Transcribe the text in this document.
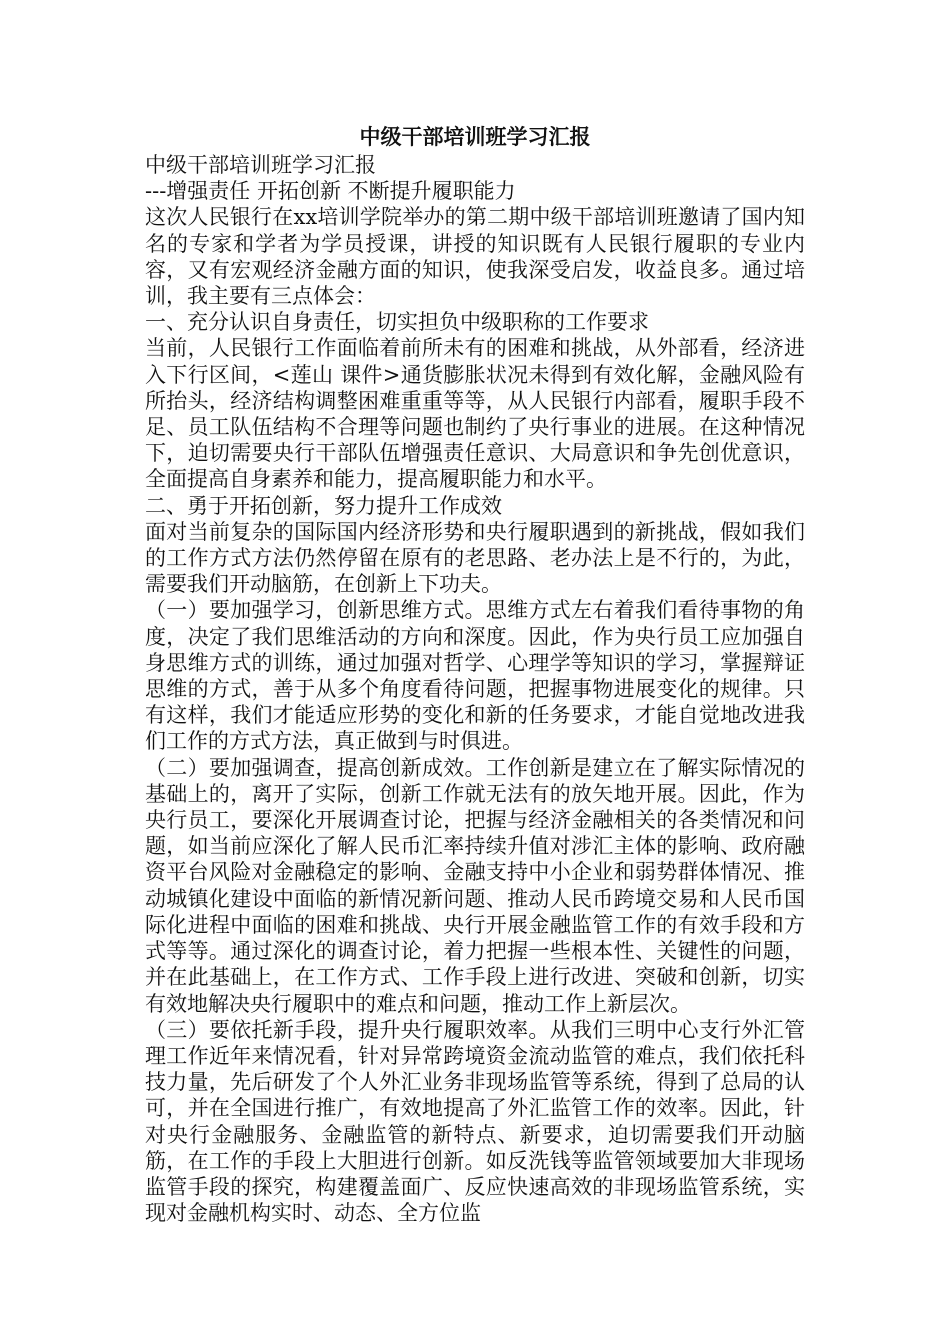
中级干部培训班学习汇报

中级干部培训班学习汇报

---增强责任 开拓创新 不断提升履职能力

这次人民银行在xx培训学院举办的第二期中级干部培训班邀请了国内知名的专家和学者为学员授课，讲授的知识既有人民银行履职的专业内容，又有宏观经济金融方面的知识，使我深受启发，收益良多。通过培训，我主要有三点体会：

一、充分认识自身责任，切实担负中级职称的工作要求

当前，人民银行工作面临着前所未有的困难和挑战，从外部看，经济进入下行区间，<莲山 课件>通货膨胀状况未得到有效化解，金融风险有所抬头，经济结构调整困难重重等等，从人民银行内部看，履职手段不足、员工队伍结构不合理等问题也制约了央行事业的进展。在这种情况下，迫切需要央行干部队伍增强责任意识、大局意识和争先创优意识，全面提高自身素养和能力，提高履职能力和水平。

二、勇于开拓创新，努力提升工作成效

面对当前复杂的国际国内经济形势和央行履职遇到的新挑战，假如我们的工作方式方法仍然停留在原有的老思路、老办法上是不行的，为此，需要我们开动脑筋，在创新上下功夫。

（一）要加强学习，创新思维方式。思维方式左右着我们看待事物的角度，决定了我们思维活动的方向和深度。因此，作为央行员工应加强自身思维方式的训练，通过加强对哲学、心理学等知识的学习，掌握辩证思维的方式，善于从多个角度看待问题，把握事物进展变化的规律。只有这样，我们才能适应形势的变化和新的任务要求，才能自觉地改进我们工作的方式方法，真正做到与时俱进。

（二）要加强调查，提高创新成效。工作创新是建立在了解实际情况的基础上的，离开了实际，创新工作就无法有的放矢地开展。因此，作为央行员工，要深化开展调查讨论，把握与经济金融相关的各类情况和问题，如当前应深化了解人民币汇率持续升值对涉汇主体的影响、政府融资平台风险对金融稳定的影响、金融支持中小企业和弱势群体情况、推动城镇化建设中面临的新情况新问题、推动人民币跨境交易和人民币国际化进程中面临的困难和挑战、央行开展金融监管工作的有效手段和方式等等。通过深化的调查讨论，着力把握一些根本性、关键性的问题，并在此基础上，在工作方式、工作手段上进行改进、突破和创新，切实有效地解决央行履职中的难点和问题，推动工作上新层次。

（三）要依托新手段，提升央行履职效率。从我们三明中心支行外汇管理工作近年来情况看，针对异常跨境资金流动监管的难点，我们依托科技力量，先后研发了个人外汇业务非现场监管等系统，得到了总局的认可，并在全国进行推广，有效地提高了外汇监管工作的效率。因此，针对央行金融服务、金融监管的新特点、新要求，迫切需要我们开动脑筋，在工作的手段上大胆进行创新。如反洗钱等监管领域要加大非现场监管手段的探究，构建覆盖面广、反应快速高效的非现场监管系统，实现对金融机构实时、动态、全方位监
